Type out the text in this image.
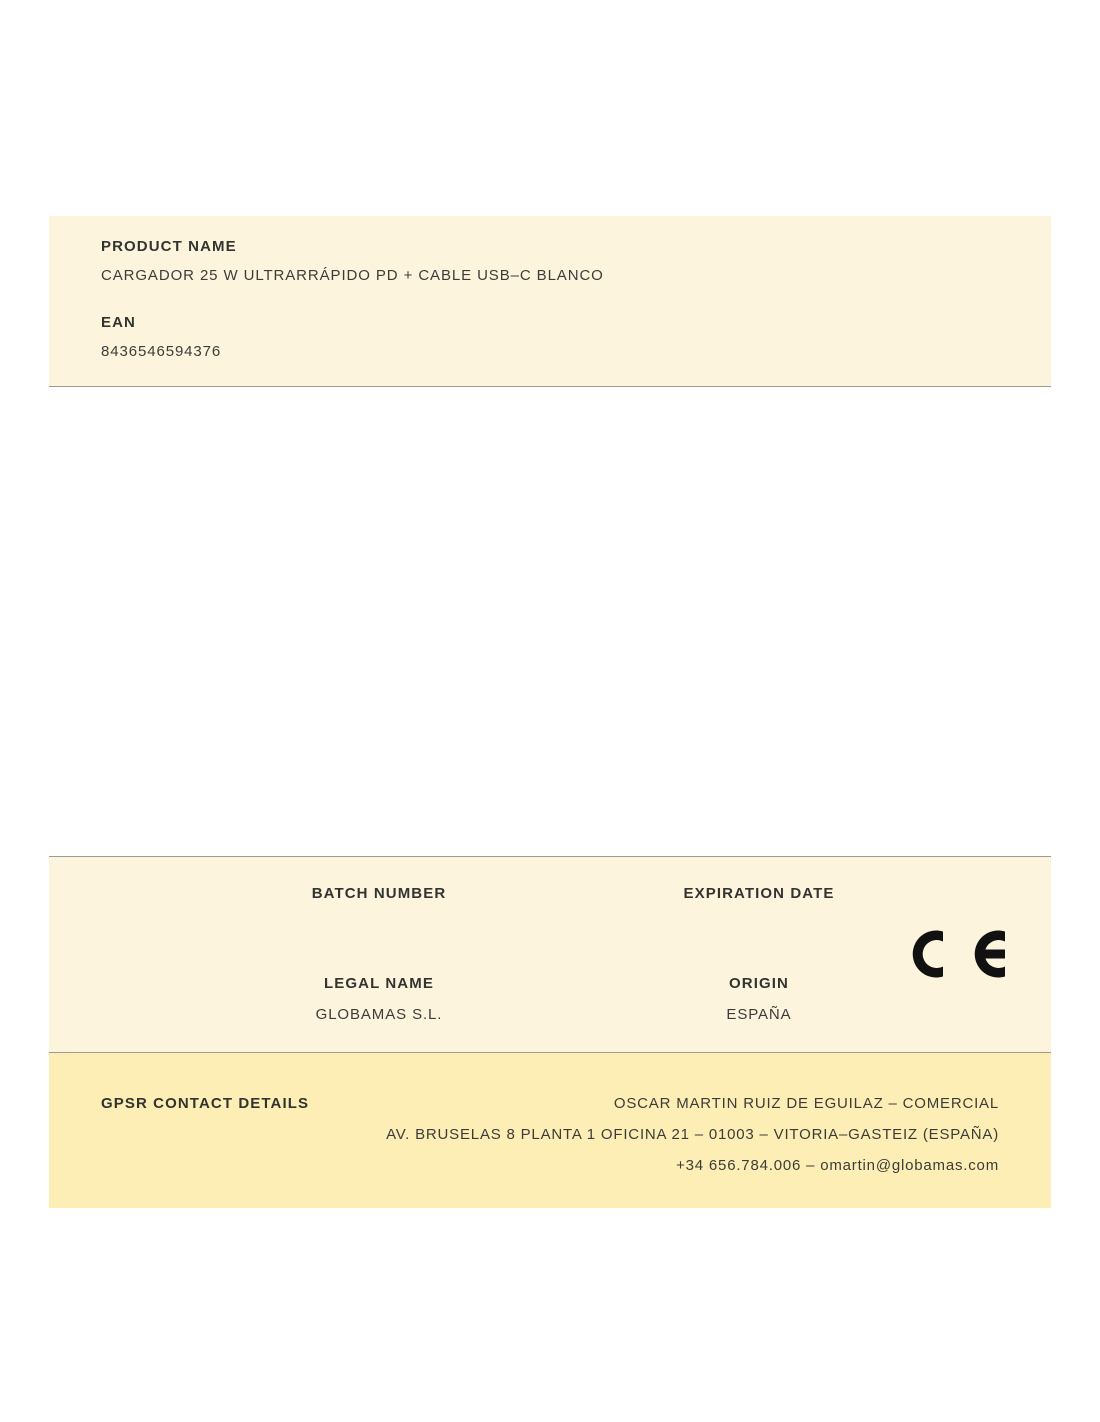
PRODUCT NAME
CARGADOR 25 W ULTRARRÁPIDO PD + CABLE USB–C BLANCO
EAN
8436546594376
BATCH NUMBER	EXPIRATION DATE
LEGAL NAME
GLOBAMAS S.L.
ORIGIN
ESPAÑA
GPSR CONTACT DETAILS	OSCAR MARTIN RUIZ DE EGUILAZ – COMERCIAL

AV. BRUSELAS 8 PLANTA 1 OFICINA 21 – 01003 – VITORIA–GASTEIZ (ESPAÑA)

+34 656.784.006 – omartin@globamas.com
